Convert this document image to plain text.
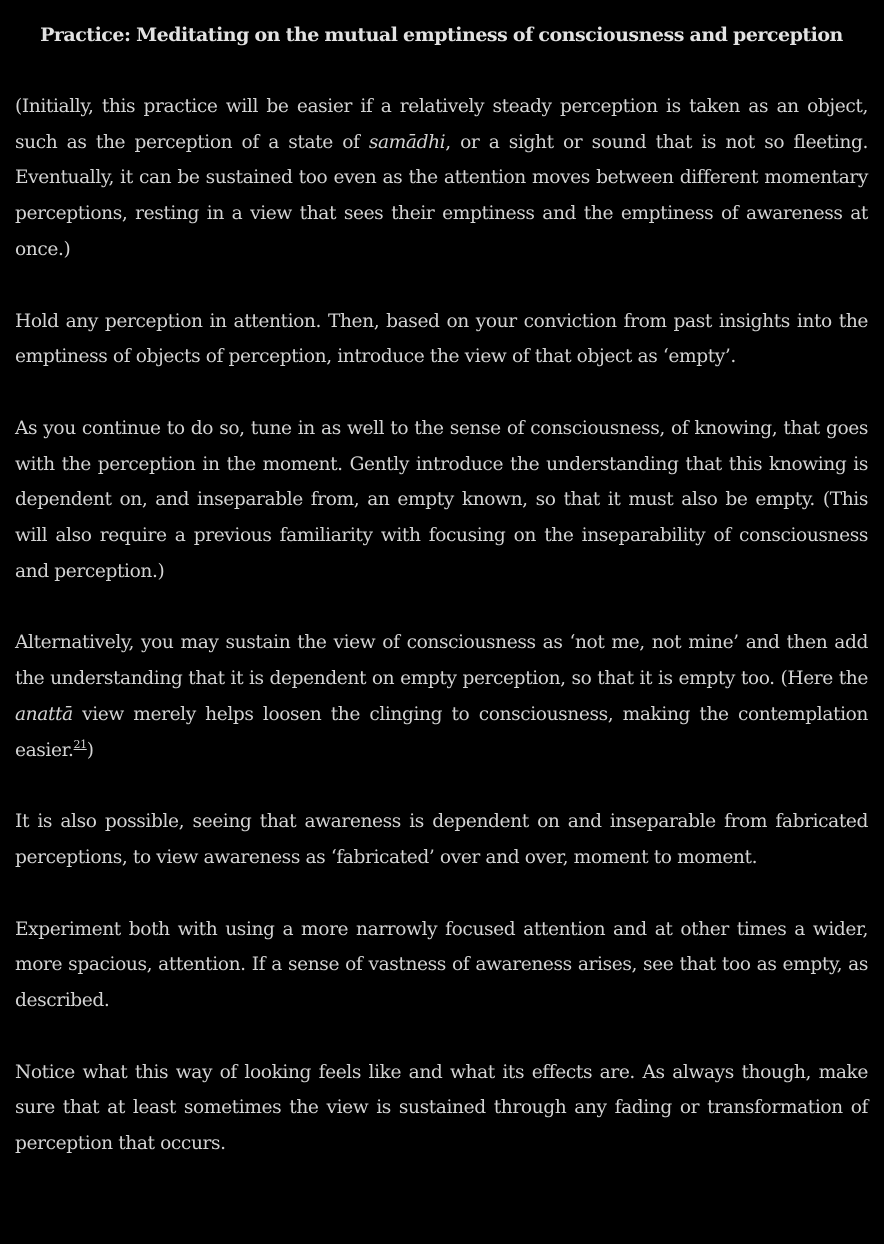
Practice: Meditating on the mutual emptiness of consciousness and perception

(Initially, this practice will be easier if a relatively steady perception is taken as an object, such as the perception of a state of samādhi, or a sight or sound that is not so fleeting. Eventually, it can be sustained too even as the attention moves between different momentary perceptions, resting in a view that sees their emptiness and the emptiness of awareness at once.)

Hold any perception in attention. Then, based on your conviction from past insights into the emptiness of objects of perception, introduce the view of that object as ‘empty’.

As you continue to do so, tune in as well to the sense of consciousness, of knowing, that goes with the perception in the moment. Gently introduce the understanding that this knowing is dependent on, and inseparable from, an empty known, so that it must also be empty. (This will also require a previous familiarity with focusing on the inseparability of consciousness and perception.)

Alternatively, you may sustain the view of consciousness as ‘not me, not mine’ and then add the understanding that it is dependent on empty perception, so that it is empty too. (Here the anattā view merely helps loosen the clinging to consciousness, making the contemplation easier.$^{21}$)

It is also possible, seeing that awareness is dependent on and inseparable from fabricated perceptions, to view awareness as ‘fabricated’ over and over, moment to moment.

Experiment both with using a more narrowly focused attention and at other times a wider, more spacious, attention. If a sense of vastness of awareness arises, see that too as empty, as described.

Notice what this way of looking feels like and what its effects are. As always though, make sure that at least sometimes the view is sustained through any fading or transformation of perception that occurs.
